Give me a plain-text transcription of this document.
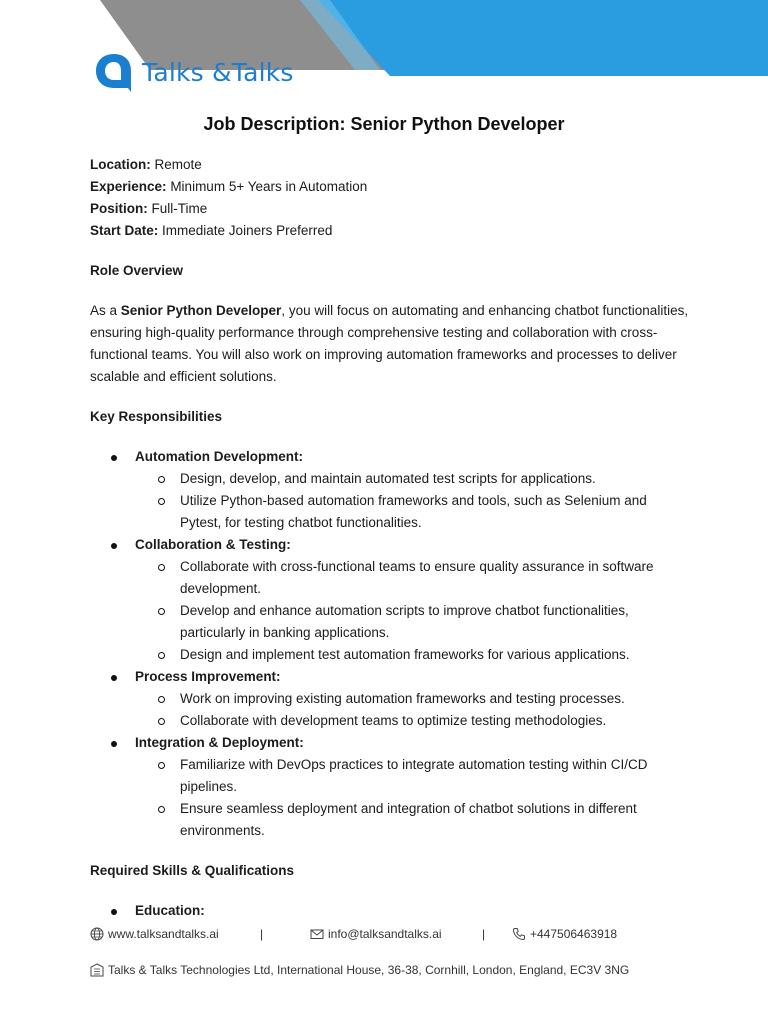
Talks &Talks
Job Description: Senior Python Developer
Location: Remote
Experience: Minimum 5+ Years in Automation
Position: Full-Time
Start Date: Immediate Joiners Preferred
Role Overview

As a Senior Python Developer, you will focus on automating and enhancing chatbot functionalities, ensuring high-quality performance through comprehensive testing and collaboration with cross-functional teams. You will also work on improving automation frameworks and processes to deliver scalable and efficient solutions.

Key Responsibilities
Automation Development:
Design, develop, and maintain automated test scripts for applications.
Utilize Python-based automation frameworks and tools, such as Selenium and Pytest, for testing chatbot functionalities.
Collaboration & Testing:
Collaborate with cross-functional teams to ensure quality assurance in software development.
Develop and enhance automation scripts to improve chatbot functionalities, particularly in banking applications.
Design and implement test automation frameworks for various applications.
Process Improvement:
Work on improving existing automation frameworks and testing processes.
Collaborate with development teams to optimize testing methodologies.
Integration & Deployment:
Familiarize with DevOps practices to integrate automation testing within CI/CD pipelines.
Ensure seamless deployment and integration of chatbot solutions in different environments.
Required Skills & Qualifications
Education:
www.talksandtalks.ai	|	info@talksandtalks.ai	|	+447506463918
Talks & Talks Technologies Ltd, International House, 36-38, Cornhill, London, England, EC3V 3NG
